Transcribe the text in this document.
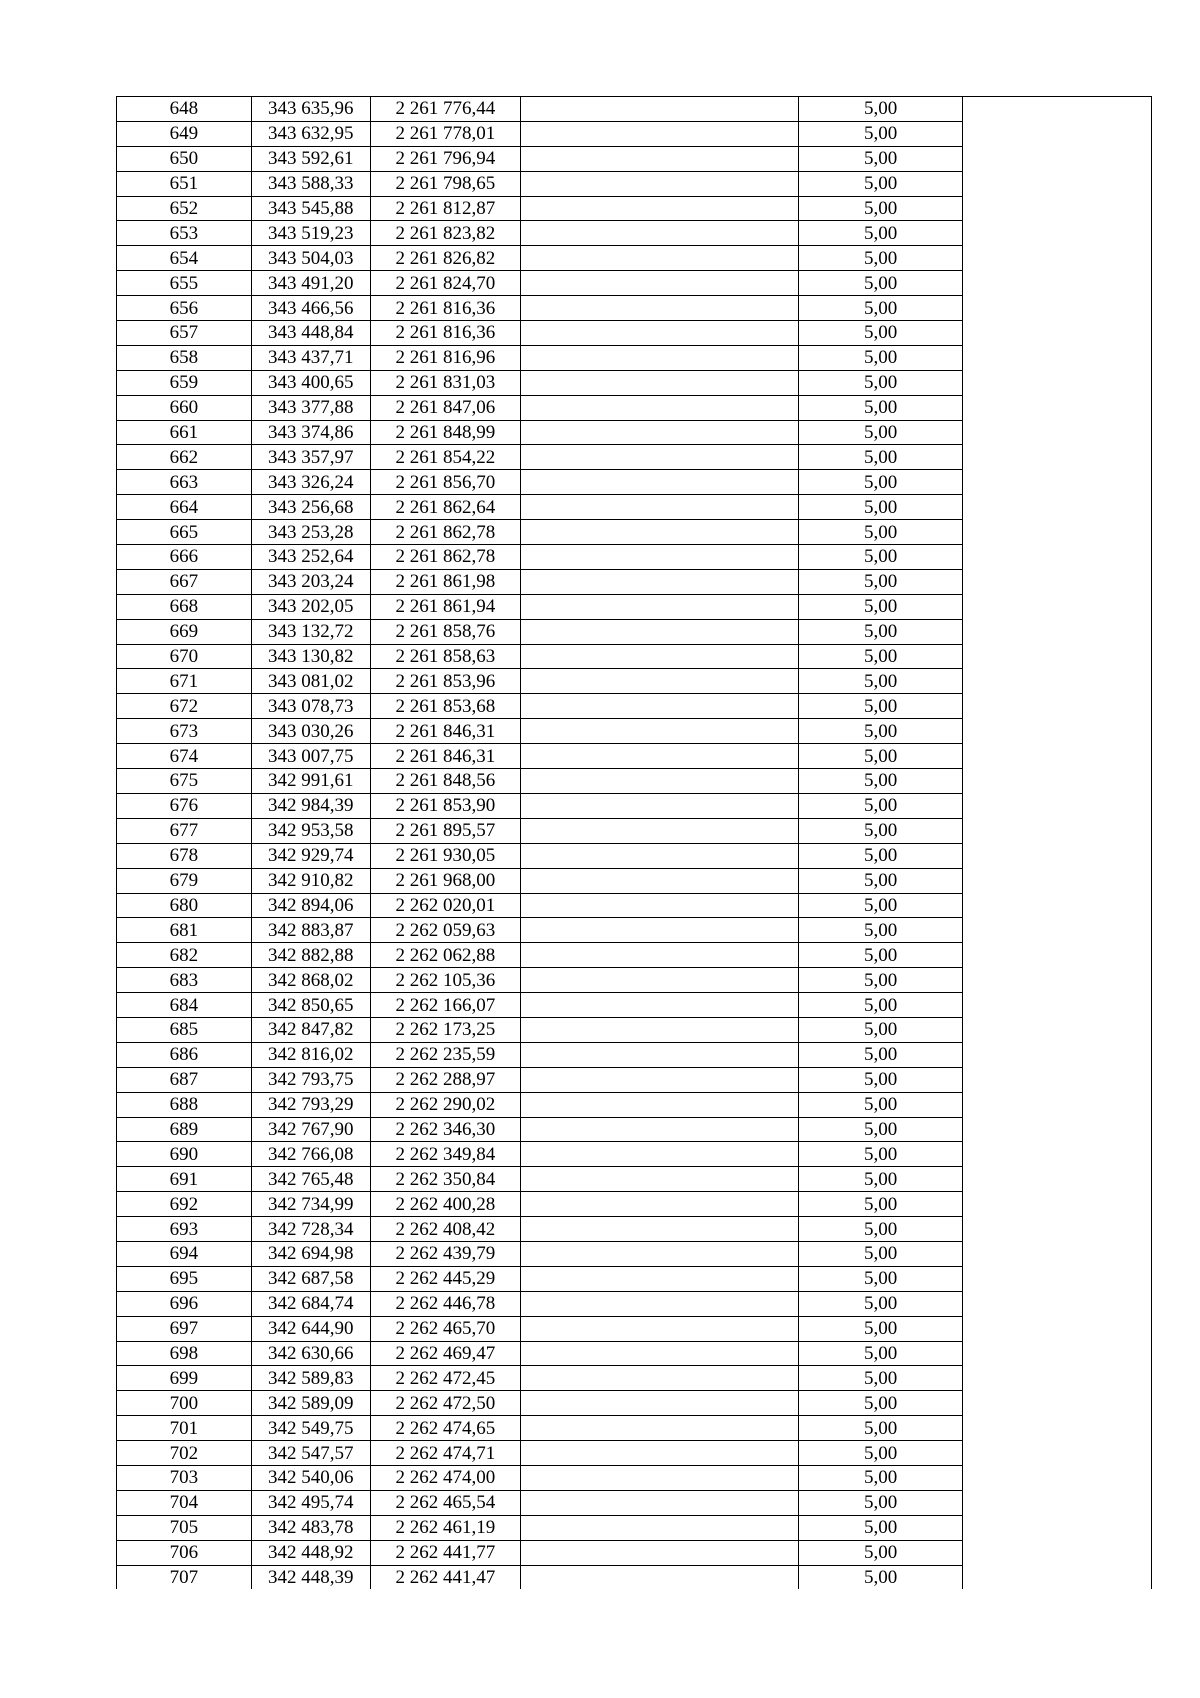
648	343 635,96	2 261 776,44		5,00	
649	343 632,95	2 261 778,01		5,00	
650	343 592,61	2 261 796,94		5,00	
651	343 588,33	2 261 798,65		5,00	
652	343 545,88	2 261 812,87		5,00	
653	343 519,23	2 261 823,82		5,00	
654	343 504,03	2 261 826,82		5,00	
655	343 491,20	2 261 824,70		5,00	
656	343 466,56	2 261 816,36		5,00	
657	343 448,84	2 261 816,36		5,00	
658	343 437,71	2 261 816,96		5,00	
659	343 400,65	2 261 831,03		5,00	
660	343 377,88	2 261 847,06		5,00	
661	343 374,86	2 261 848,99		5,00	
662	343 357,97	2 261 854,22		5,00	
663	343 326,24	2 261 856,70		5,00	
664	343 256,68	2 261 862,64		5,00	
665	343 253,28	2 261 862,78		5,00	
666	343 252,64	2 261 862,78		5,00	
667	343 203,24	2 261 861,98		5,00	
668	343 202,05	2 261 861,94		5,00	
669	343 132,72	2 261 858,76		5,00	
670	343 130,82	2 261 858,63		5,00	
671	343 081,02	2 261 853,96		5,00	
672	343 078,73	2 261 853,68		5,00	
673	343 030,26	2 261 846,31		5,00	
674	343 007,75	2 261 846,31		5,00	
675	342 991,61	2 261 848,56		5,00	
676	342 984,39	2 261 853,90		5,00	
677	342 953,58	2 261 895,57		5,00	
678	342 929,74	2 261 930,05		5,00	
679	342 910,82	2 261 968,00		5,00	
680	342 894,06	2 262 020,01		5,00	
681	342 883,87	2 262 059,63		5,00	
682	342 882,88	2 262 062,88		5,00	
683	342 868,02	2 262 105,36		5,00	
684	342 850,65	2 262 166,07		5,00	
685	342 847,82	2 262 173,25		5,00	
686	342 816,02	2 262 235,59		5,00	
687	342 793,75	2 262 288,97		5,00	
688	342 793,29	2 262 290,02		5,00	
689	342 767,90	2 262 346,30		5,00	
690	342 766,08	2 262 349,84		5,00	
691	342 765,48	2 262 350,84		5,00	
692	342 734,99	2 262 400,28		5,00	
693	342 728,34	2 262 408,42		5,00	
694	342 694,98	2 262 439,79		5,00	
695	342 687,58	2 262 445,29		5,00	
696	342 684,74	2 262 446,78		5,00	
697	342 644,90	2 262 465,70		5,00	
698	342 630,66	2 262 469,47		5,00	
699	342 589,83	2 262 472,45		5,00	
700	342 589,09	2 262 472,50		5,00	
701	342 549,75	2 262 474,65		5,00	
702	342 547,57	2 262 474,71		5,00	
703	342 540,06	2 262 474,00		5,00	
704	342 495,74	2 262 465,54		5,00	
705	342 483,78	2 262 461,19		5,00	
706	342 448,92	2 262 441,77		5,00	
707	342 448,39	2 262 441,47		5,00	
